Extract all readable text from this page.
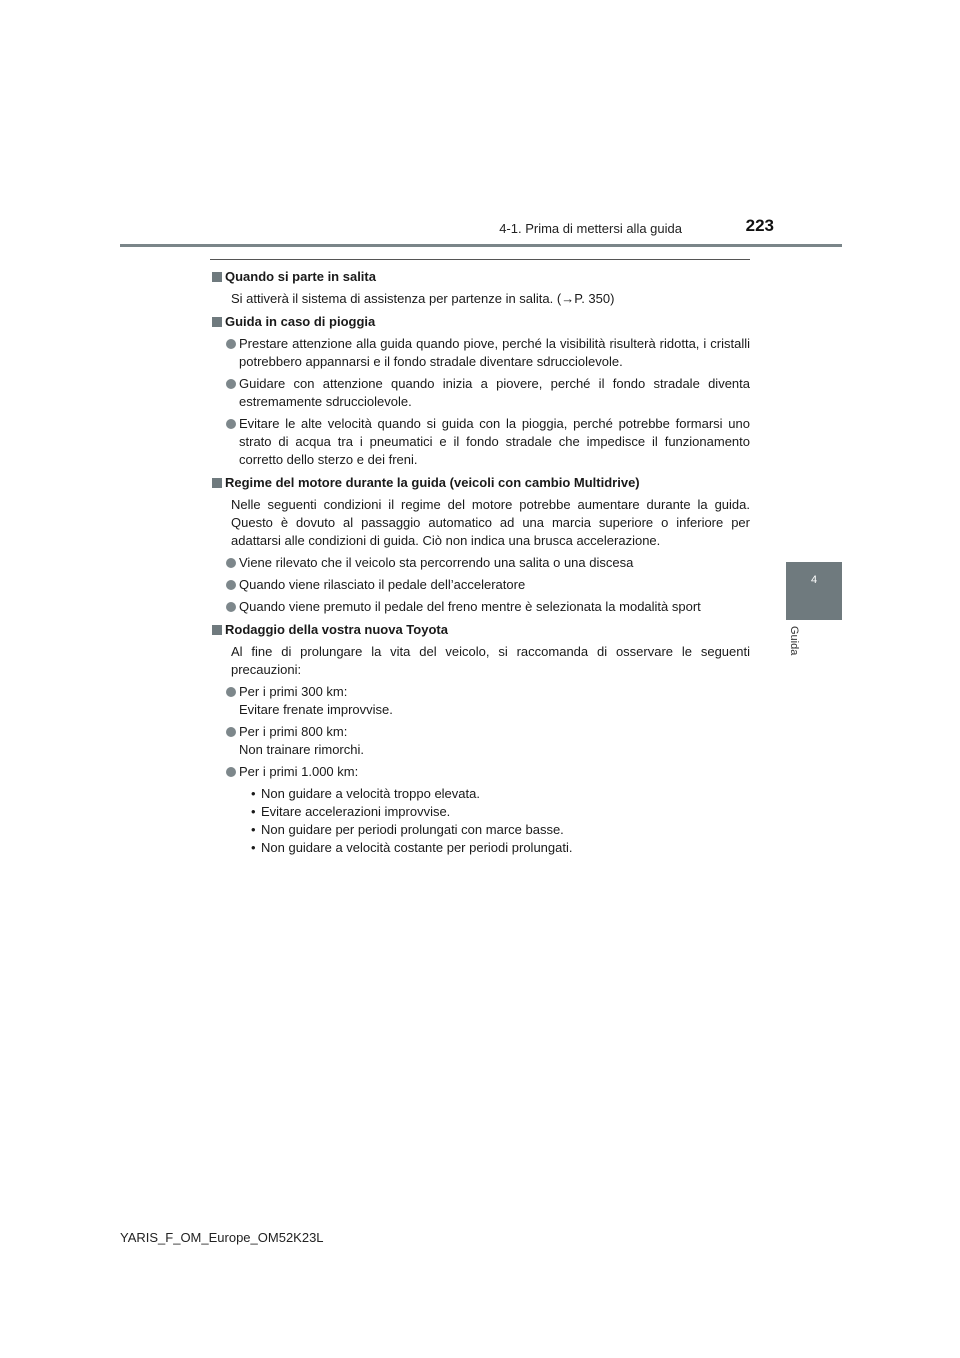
4-1. Prima di mettersi alla guida	223
4
Guida
Quando si parte in salita
Si attiverà il sistema di assistenza per partenze in salita. (→P. 350)
Guida in caso di pioggia
Prestare attenzione alla guida quando piove, perché la visibilità risulterà ridotta, i cristalli potrebbero appannarsi e il fondo stradale diventare sdrucciolevole.
Guidare con attenzione quando inizia a piovere, perché il fondo stradale diventa estremamente sdrucciolevole.
Evitare le alte velocità quando si guida con la pioggia, perché potrebbe formarsi uno strato di acqua tra i pneumatici e il fondo stradale che impedisce il funzionamento corretto dello sterzo e dei freni.
Regime del motore durante la guida (veicoli con cambio Multidrive)
Nelle seguenti condizioni il regime del motore potrebbe aumentare durante la guida. Questo è dovuto al passaggio automatico ad una marcia superiore o inferiore per adattarsi alle condizioni di guida. Ciò non indica una brusca accelerazione.
Viene rilevato che il veicolo sta percorrendo una salita o una discesa
Quando viene rilasciato il pedale dell’acceleratore
Quando viene premuto il pedale del freno mentre è selezionata la modalità sport
Rodaggio della vostra nuova Toyota
Al fine di prolungare la vita del veicolo, si raccomanda di osservare le seguenti precauzioni:
Per i primi 300 km:
Evitare frenate improvvise.
Per i primi 800 km:
Non trainare rimorchi.
Per i primi 1.000 km:
• Non guidare a velocità troppo elevata.
• Evitare accelerazioni improvvise.
• Non guidare per periodi prolungati con marce basse.
• Non guidare a velocità costante per periodi prolungati.
YARIS_F_OM_Europe_OM52K23L
